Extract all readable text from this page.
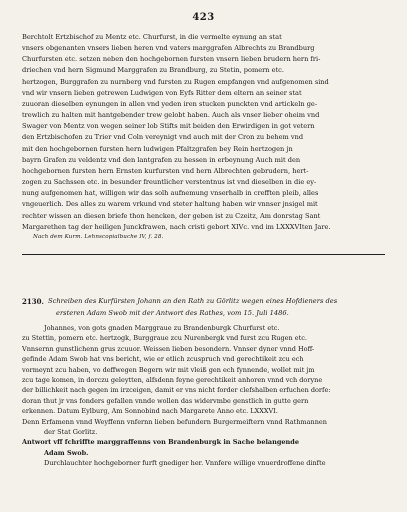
423

Berchtolt Ertzbischof zu Mentz etc. Churfurst, in die vermelte eynung an stat

vnsers obgenanten vnsers lieben heren vnd vaters marggrafen Albrechts zu Brandburg

Churfursten etc. setzen neben den hochgebornen fursten vnsern lieben brudern hern fri-

driechen vnd hern Sigmund Marggrafen zu Brandburg, zu Stetin, pomern etc.

hertzogen, Burggrafen zu nurnberg vnd fursten zu Rugen empfangen vnd aufgenomen sind

vnd wir vnsern lieben getrewen Ludwigen von Eyfs Ritter dem eltern an seiner stat

zuuoran dieselben eynungen in allen vnd yeden iren stucken punckten vnd artickeln ge-

trewlich zu halten mit hantgebender trew gelobt haben. Auch als vnser lieber oheim vnd

Swager von Mentz von wegen seiner lob Stifts mit beiden den Erwirdigen in got vetern

den Ertzbischofen zu Trier vnd Coln vereynigt vnd auch mit der Cron zu behem vnd

mit den hochgebornen fursten hern ludwigen Pfaltzgrafen bey Rein hertzogen jn

bayrn Grafen zu veldentz vnd den lantgrafen zu hessen in erbeynung Auch mit den

hochgebornen fursten hern Ernsten kurfursten vnd hern Albrechten gebrudern, hert-

zogen zu Sachssen etc. in besunder freuntlicher verstentnus ist vnd dieselben in die ey-

nung aufgenomen hat, willigen wir das solh aufnemung vnserhalb in crefften pleib, alles

vngeuerlich. Des alles zu warem vrkund vnd steter haltung haben wir vnnser jnsigel mit

rechter wissen an diesen briefe thon hencken, der geben ist zu Czeitz, Am donrstag Sant

Margarethen tag der heiligen Junckfrawen, nach cristi gebort XIVc. vnd im LXXXVIten Jare.

Nach dem Kurm. Lehnscopialbuche IV, f. 28.
2130. Schreiben des Kurfürsten Johann an den Rath zu Görlitz wegen eines Hofdieners des

ersteren Adam Swob mit der Antwort des Rathes, vom 15. Juli 1486.

Johannes, von gots gnaden Marggraue zu Brandenburgk Churfurst etc.

zu Stettin, pomern etc. hertzogk, Burggraue zcu Nurenbergk vnd furst zcu Rugen etc.

Vnnsernn gunstlichenn grus zcuuor. Weissen lieben besondern. Vnnser dyner vnnd Hoff-

gefinde Adam Swob hat vns bericht, wie er etlich zcuspruch vnd gerechtikeit zcu ech

vormeynt zcu haben, vo deffwegen Begern wir mit vleiß gen ech fynnende, wollet mit jm

zcu tage komen, in dorczu geleytten, alfsdenn feyne gerechtikeit anhoren vnnd vch doryne

der billichkeit nach gegen im irzceigen, damit er vns nicht forder clefshalben erfuchen dorfe:

doran thut jr vns fonders gefallen vnnde wollen das widervmbe genstlich in gutte gern

erkennen. Datum Eylburg, Am Sonnobind nach Margarete Anno etc. LXXXVI.

Denn Erfamenn vnnd Weyffenn vnfernn lieben befundern Burgermeiftern vnnd Rathmannen

der Stat Gorlitz.

Antwort vff fchriffte marggraffenns von Brandenburgk in Sache belangende

Adam Swob.

Durchlauchter hochgeborner furft gnediger her. Vnnfere willige vnuerdroffene dinfte
